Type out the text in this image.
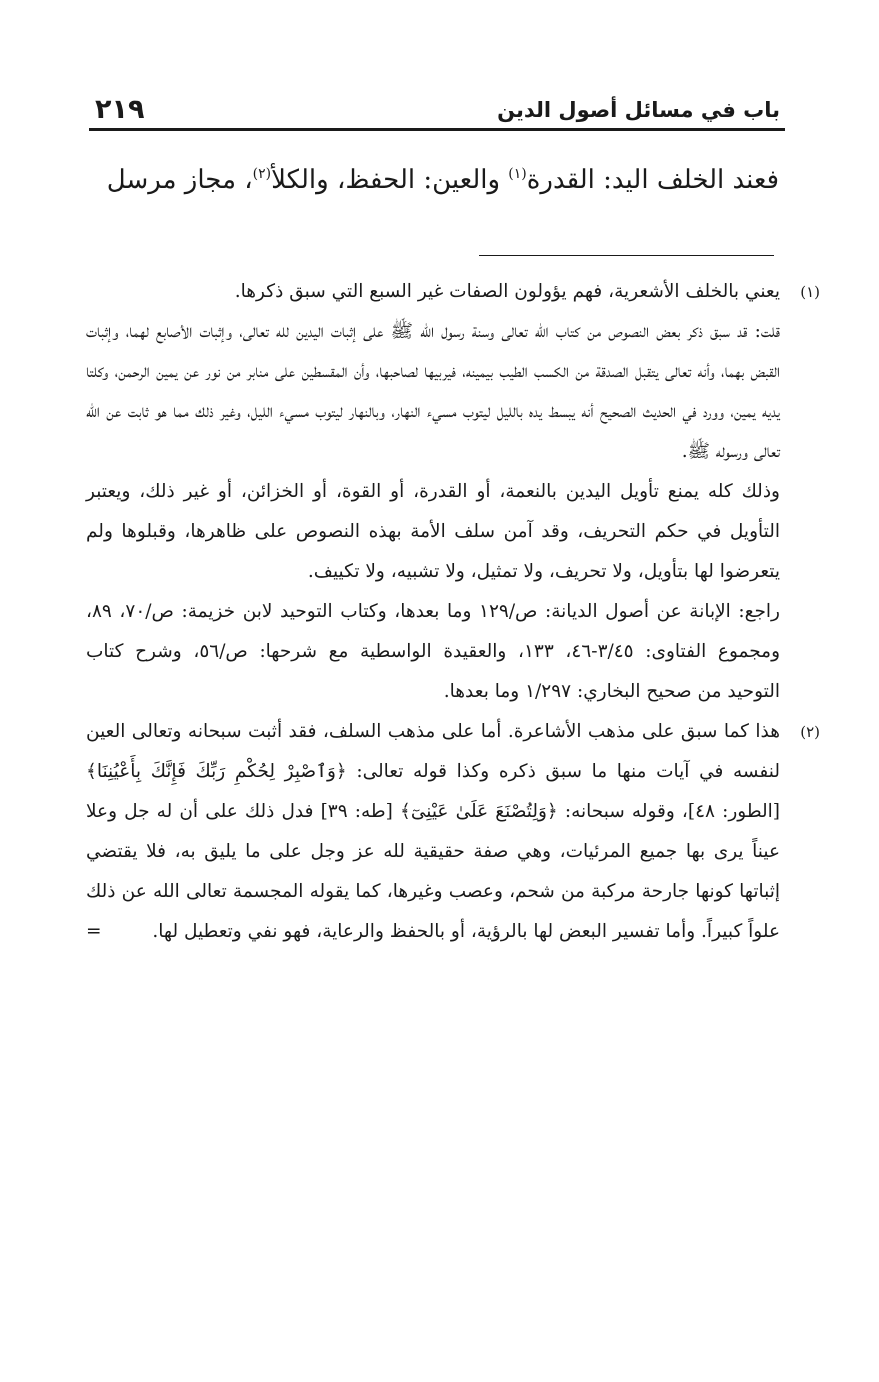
باب في مسائل أصول الدين
٢١٩
فعند الخلف اليد: القدرة$^{(١)}$ والعين: الحفظ، والكلأ$^{(٢)}$، مجاز مرسل
(١)

يعني بالخلف الأشعرية، فهم يؤولون الصفات غير السبع التي سبق ذكرها.

قلت: قد سبق ذكر بعض النصوص من كتاب الله تعالى وسنة رسول الله ﷺ على إثبات اليدين لله تعالى، وإثبات الأصابع لهما، وإثبات القبض بهما، وأنه تعالى يتقبل الصدقة من الكسب الطيب بيمينه، فيربيها لصاحبها، وأن المقسطين على منابر من نور عن يمين الرحمن، وكلتا يديه يمين، وورد في الحديث الصحيح أنه يبسط يده بالليل ليتوب مسيء النهار، وبالنهار ليتوب مسيء الليل، وغير ذلك مما هو ثابت عن الله تعالى ورسوله ﷺ.

وذلك كله يمنع تأويل اليدين بالنعمة، أو القدرة، أو القوة، أو الخزائن، أو غير ذلك، ويعتبر التأويل في حكم التحريف، وقد آمن سلف الأمة بهذه النصوص على ظاهرها، وقبلوها ولم يتعرضوا لها بتأويل، ولا تحريف، ولا تمثيل، ولا تشبيه، ولا تكييف.

راجع: الإبانة عن أصول الديانة: ص/١٢٩ وما بعدها، وكتاب التوحيد لابن خزيمة: ص/٧٠، ٨٩، ومجموع الفتاوى: ٣/٤٥-٤٦، ١٣٣، والعقيدة الواسطية مع شرحها: ص/٥٦، وشرح كتاب التوحيد من صحيح البخاري: ١/٢٩٧ وما بعدها.

(٢)

هذا كما سبق على مذهب الأشاعرة. أما على مذهب السلف، فقد أثبت سبحانه وتعالى العين لنفسه في آيات منها ما سبق ذكره وكذا قوله تعالى: ﴿وَٱصْبِرْ لِحُكْمِ رَبِّكَ فَإِنَّكَ بِأَعْيُنِنَا﴾ [الطور: ٤٨]، وقوله سبحانه: ﴿وَلِتُصْنَعَ عَلَىٰ عَيْنِىٓ﴾ [طه: ٣٩] فدل ذلك على أن له جل وعلا عيناً يرى بها جميع المرئيات، وهي صفة حقيقية لله عز وجل على ما يليق به، فلا يقتضي إثباتها كونها جارحة مركبة من شحم، وعصب وغيرها، كما يقوله المجسمة تعالى الله عن ذلك علواً كبيراً. وأما تفسير البعض لها بالرؤية، أو بالحفظ والرعاية، فهو نفي وتعطيل لها.
=
